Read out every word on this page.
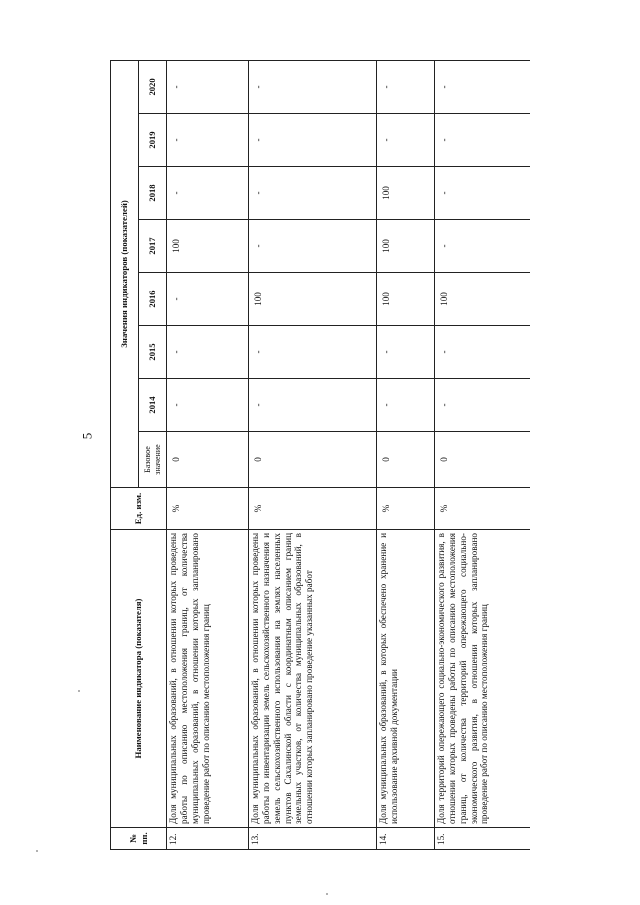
5
№
пп.	Наименование индикатора (показателя)	Ед. изм.	Значения индикаторов (показателей)							
			Базовое значение	2014	2015	2016	2017	2018	2019	2020
12.	Доля муниципальных образований, в отношении которых проведены работы по описанию местоположения границ, от количества муниципальных образований, в отношении которых запланировано проведение работ по описанию местоположения границ	%	0	-	-	-	100	-	-	-
13.	Доля муниципальных образований, в отношении которых проведены работы по инвентаризации земель сельскохозяйственного назначения и земель сельскохозяйственного использования на землях населенных пунктов Сахалинской области с координатным описанием границ земельных участков, от количества муниципальных образований, в отношении которых запланировано проведение указанных работ	%	0	-	-	100	-	-	-	-
14.	Доля муниципальных образований, в которых обеспечено хранение и использование архивной документации	%	0	-	-	100	100	100	-	-
15.	Доля территорий опережающего социально-экономического развития, в отношении которых проведены работы по описанию местоположения границ, от количества территорий опережающего социально-экономического развития, в отношении которых запланировано проведение работ по описанию местоположения границ	%	0	-	-	100	-	-	-	-
